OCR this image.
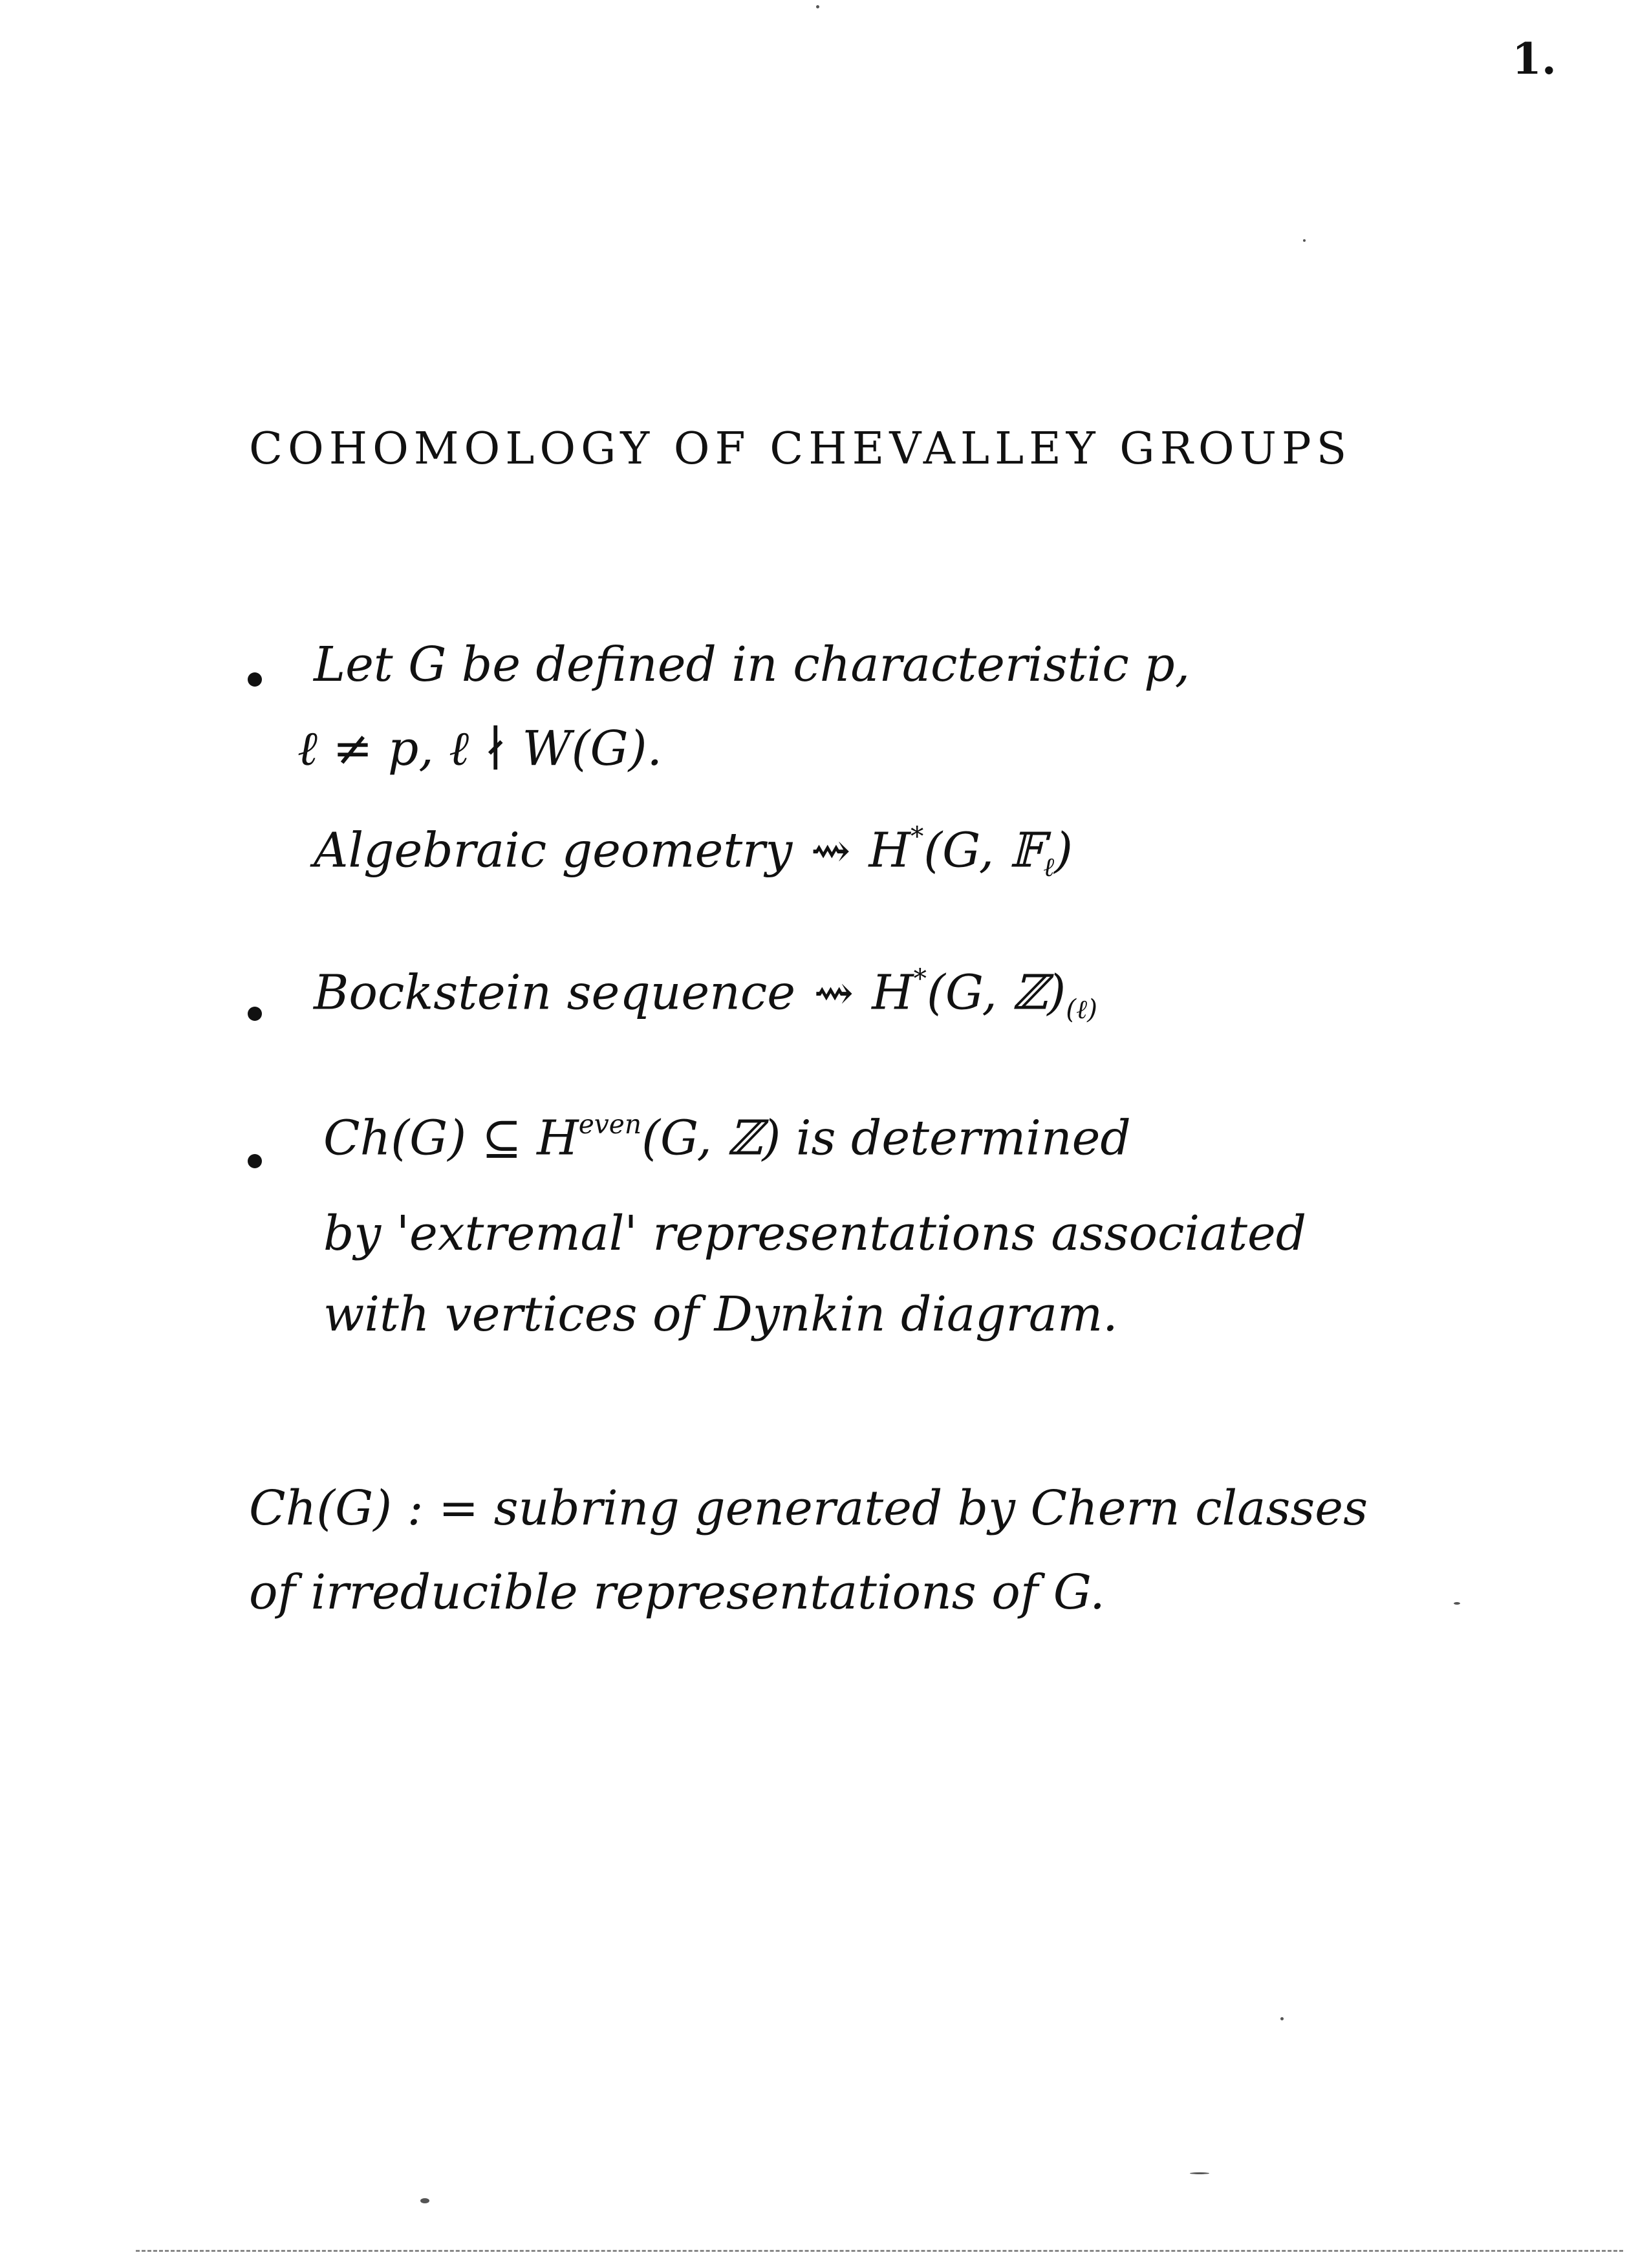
1.
COHOMOLOGY OF CHEVALLEY GROUPS
Let G be defined in characteristic p,
ℓ ≠ p, ℓ ∤ W(G).
Algebraic geometry ⇝ H*(G, 𝔽$_\ell$)
Bockstein sequence ⇝ H*(G, $ℤ)_{(\ell)}$
Ch(G) ⊆ $H^{even}(G$, ℤ) is determined
by 'extremal' representations associated
with vertices of Dynkin diagram.
Ch(G) : = subring generated by Chern classes
of irreducible representations of G.
